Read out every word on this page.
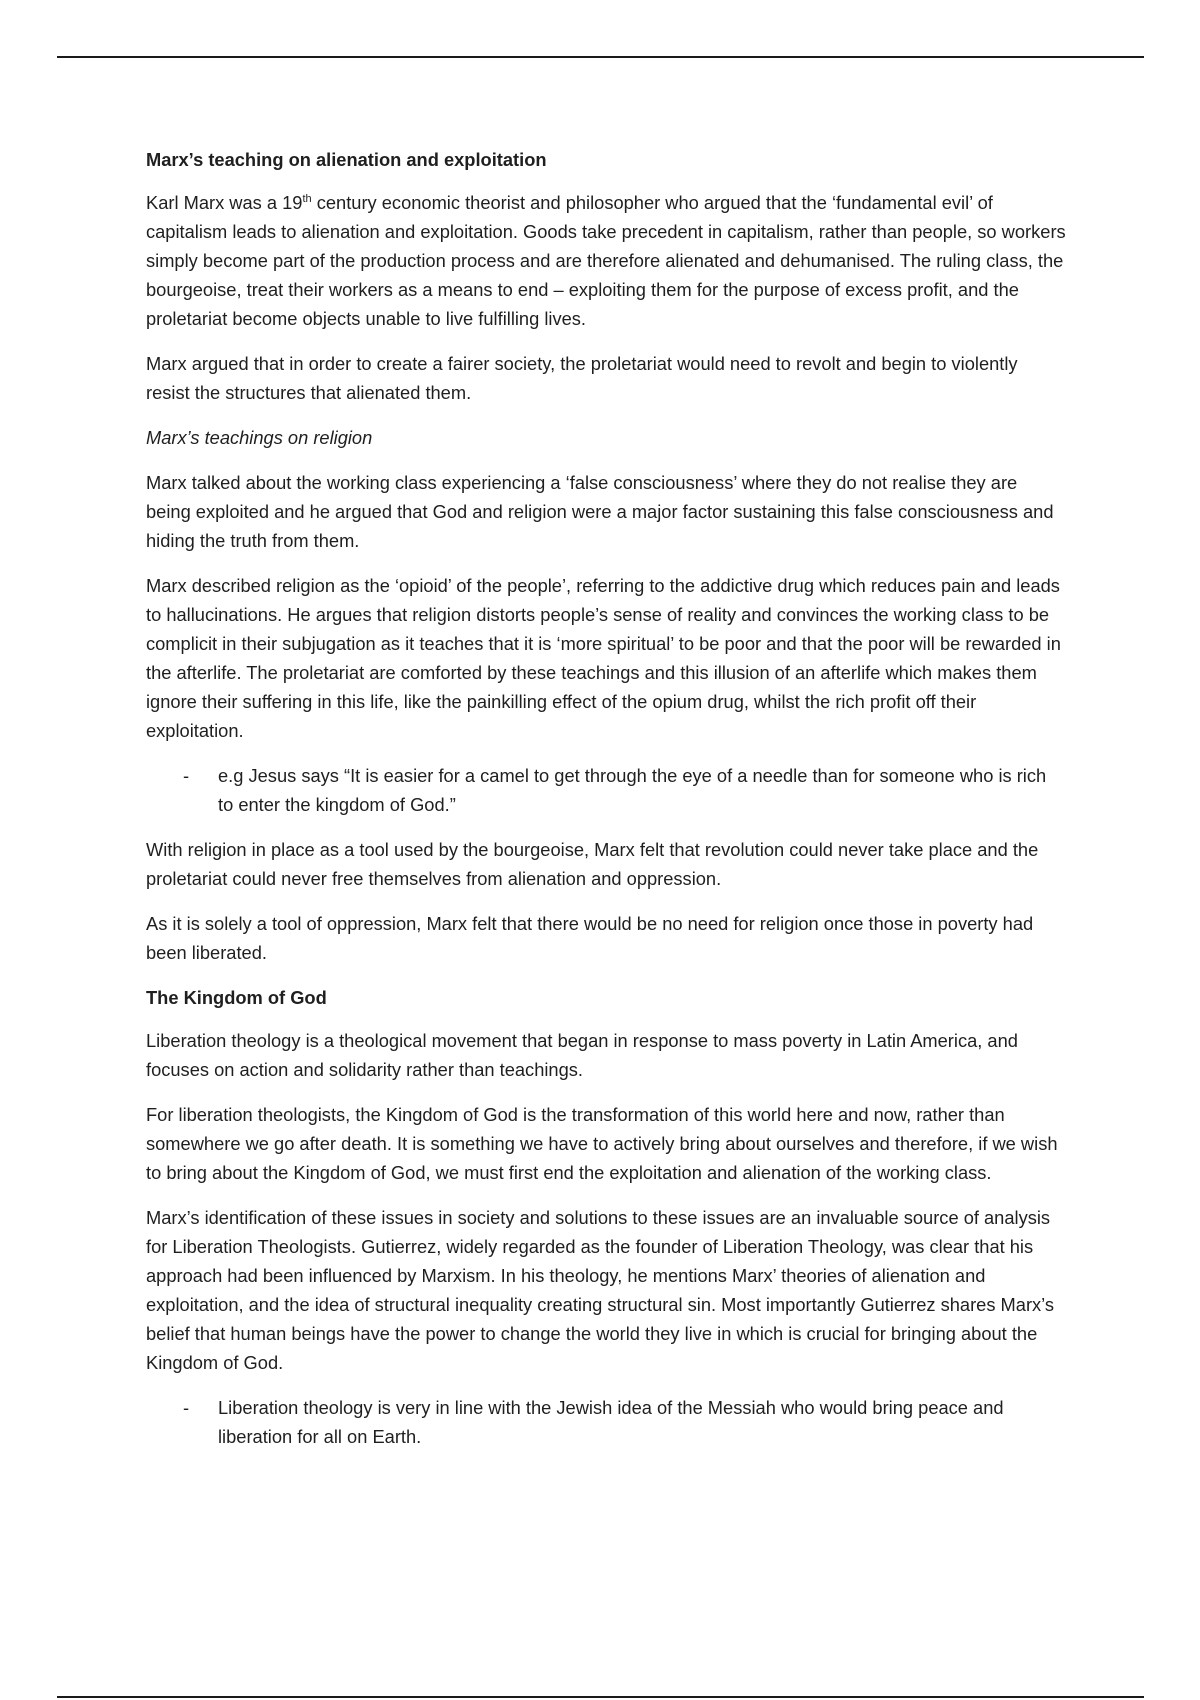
Marx’s teaching on alienation and exploitation

Karl Marx was a 19th century economic theorist and philosopher who argued that the ‘fundamental evil’ of capitalism leads to alienation and exploitation. Goods take precedent in capitalism, rather than people, so workers simply become part of the production process and are therefore alienated and dehumanised. The ruling class, the bourgeoise, treat their workers as a means to end – exploiting them for the purpose of excess profit, and the proletariat become objects unable to live fulfilling lives.

Marx argued that in order to create a fairer society, the proletariat would need to revolt and begin to violently resist the structures that alienated them.

Marx’s teachings on religion

Marx talked about the working class experiencing a ‘false consciousness’ where they do not realise they are being exploited and he argued that God and religion were a major factor sustaining this false consciousness and hiding the truth from them.

Marx described religion as the ‘opioid’ of the people’, referring to the addictive drug which reduces pain and leads to hallucinations. He argues that religion distorts people’s sense of reality and convinces the working class to be complicit in their subjugation as it teaches that it is ‘more spiritual’ to be poor and that the poor will be rewarded in the afterlife. The proletariat are comforted by these teachings and this illusion of an afterlife which makes them ignore their suffering in this life, like the painkilling effect of the opium drug, whilst the rich profit off their exploitation.

- e.g Jesus says “It is easier for a camel to get through the eye of a needle than for someone who is rich to enter the kingdom of God.”

With religion in place as a tool used by the bourgeoise, Marx felt that revolution could never take place and the proletariat could never free themselves from alienation and oppression.

As it is solely a tool of oppression, Marx felt that there would be no need for religion once those in poverty had been liberated.

The Kingdom of God

Liberation theology is a theological movement that began in response to mass poverty in Latin America, and focuses on action and solidarity rather than teachings.

For liberation theologists, the Kingdom of God is the transformation of this world here and now, rather than somewhere we go after death. It is something we have to actively bring about ourselves and therefore, if we wish to bring about the Kingdom of God, we must first end the exploitation and alienation of the working class.

Marx’s identification of these issues in society and solutions to these issues are an invaluable source of analysis for Liberation Theologists. Gutierrez, widely regarded as the founder of Liberation Theology, was clear that his approach had been influenced by Marxism. In his theology, he mentions Marx’ theories of alienation and exploitation, and the idea of structural inequality creating structural sin. Most importantly Gutierrez shares Marx’s belief that human beings have the power to change the world they live in which is crucial for bringing about the Kingdom of God.

- Liberation theology is very in line with the Jewish idea of the Messiah who would bring peace and liberation for all on Earth.
